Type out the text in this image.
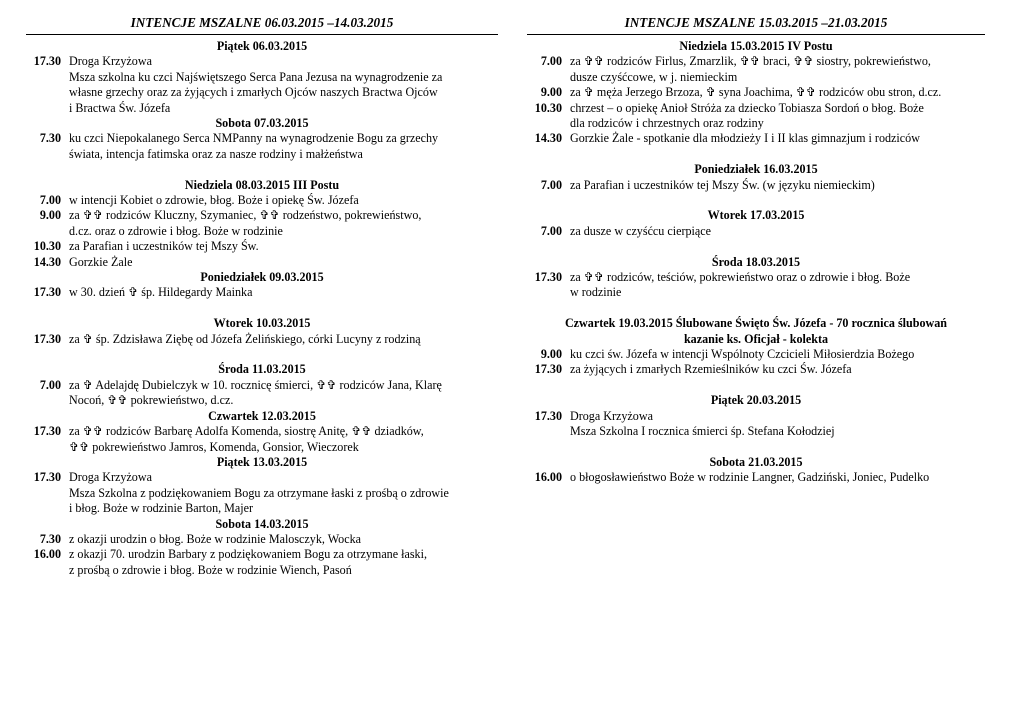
INTENCJE MSZALNE 06.03.2015 –14.03.2015
Piątek 06.03.2015
17.30 Droga Krzyżowa
Msza szkolna ku czci Najświętszego Serca Pana Jezusa na wynagrodzenie za
własne grzechy oraz za żyjących i zmarłych Ojców naszych Bractwa Ojców
i Bractwa Św. Józefa
Sobota 07.03.2015
7.30 ku czci Niepokalanego Serca NMPanny na wynagrodzenie Bogu za grzechy
świata, intencja fatimska oraz za nasze rodziny i małżeństwa
Niedziela 08.03.2015 III Postu
7.00 w intencji Kobiet o zdrowie, błog. Boże i opiekę Św. Józefa
9.00 za ✞✞ rodziców Kluczny, Szymaniec, ✞✞ rodzeństwo, pokrewieństwo,
d.cz. oraz o zdrowie i błog. Boże w rodzinie
10.30 za Parafian i uczestników tej Mszy Św.
14.30 Gorzkie Żale
Poniedziałek 09.03.2015
17.30 w 30. dzień ✞ śp. Hildegardy Mainka
Wtorek 10.03.2015
17.30 za ✞ śp. Zdzisława Ziębę od Józefa Żelińskiego, córki Lucyny z rodziną
Środa 11.03.2015
7.00 za ✞ Adelajdę Dubielczyk w 10. rocznicę śmierci, ✞✞ rodziców Jana, Klarę
Nocoń, ✞✞ pokrewieństwo, d.cz.
Czwartek 12.03.2015
17.30 za ✞✞ rodziców Barbarę Adolfa Komenda, siostrę Anitę, ✞✞ dziadków,
✞✞ pokrewieństwo Jamros, Komenda, Gonsior, Wieczorek
Piątek 13.03.2015
17.30 Droga Krzyżowa
Msza Szkolna z podziękowaniem Bogu za otrzymane łaski z prośbą o zdrowie
i błog. Boże w rodzinie Barton, Majer
Sobota 14.03.2015
7.30 z okazji urodzin o błog. Boże w rodzinie Malosczyk, Wocka
16.00 z okazji 70. urodzin Barbary z podziękowaniem Bogu za otrzymane łaski,
z prośbą o zdrowie i błog. Boże w rodzinie Wiench, Pasoń
INTENCJE MSZALNE 15.03.2015 –21.03.2015
Niedziela 15.03.2015 IV Postu
7.00 za ✞✞ rodziców Firlus, Zmarzlik, ✞✞ braci, ✞✞ siostry, pokrewieństwo,
dusze czyśćcowe, w j. niemieckim
9.00 za ✞ męża Jerzego Brzoza, ✞ syna Joachima, ✞✞ rodziców obu stron, d.cz.
10.30 chrzest – o opiekę Anioł Stróża za dziecko Tobiasza Sordoń o błog. Boże
dla rodziców i chrzestnych oraz rodziny
14.30 Gorzkie Żale - spotkanie dla młodzieży I i II klas gimnazjum i rodziców
Poniedziałek 16.03.2015
7.00 za Parafian i uczestników tej Mszy Św. (w języku niemieckim)
Wtorek 17.03.2015
7.00 za dusze w czyśćcu cierpiące
Środa 18.03.2015
17.30 za ✞✞ rodziców, teściów, pokrewieństwo oraz o zdrowie i błog. Boże
w rodzinie
Czwartek 19.03.2015 Ślubowane Święto Św. Józefa - 70 rocznica ślubowań
kazanie ks. Oficjał - kolekta
9.00 ku czci św. Józefa w intencji Wspólnoty Czcicieli Miłosierdzia Bożego
17.30 za żyjących i zmarłych Rzemieślników ku czci Św. Józefa
Piątek 20.03.2015
17.30 Droga Krzyżowa
Msza Szkolna I rocznica śmierci śp. Stefana Kołodziej
Sobota 21.03.2015
16.00 o błogosławieństwo Boże w rodzinie Langner, Gadziński, Joniec, Pudelko
